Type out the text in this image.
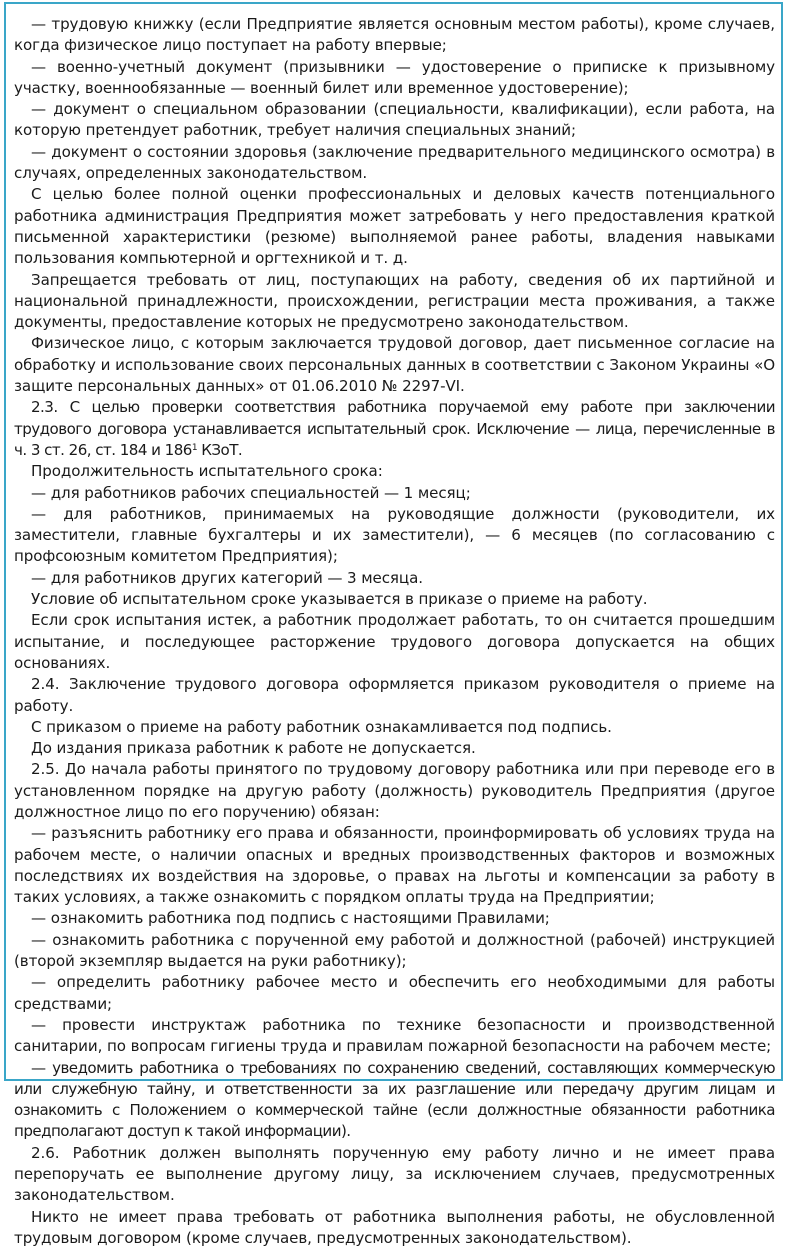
— трудовую книжку (если Предприятие является основным местом работы), кроме случаев, когда физическое лицо поступает на работу впервые;

— военно-учетный документ (призывники — удостоверение о приписке к призывному участку, военнообязанные — военный билет или временное удостоверение);

— документ о специальном образовании (специальности, квалификации), если работа, на которую претендует работник, требует наличия специальных знаний;

— документ о состоянии здоровья (заключение предварительного медицинского осмотра) в случаях, определенных законодательством.

С целью более полной оценки профессиональных и деловых качеств потенциального работника администрация Предприятия может затребовать у него предоставления краткой письменной характеристики (резюме) выполняемой ранее работы, владения навыками пользования компьютерной и оргтехникой и т. д.

Запрещается требовать от лиц, поступающих на работу, сведения об их партийной и национальной принадлежности, происхождении, регистрации места проживания, а также документы, предоставление которых не предусмотрено законодательством.

Физическое лицо, с которым заключается трудовой договор, дает письменное согласие на обработку и использование своих персональных данных в соответствии с Законом Украины «О защите персональных данных» от 01.06.2010 № 2297-VI.

2.3. С целью проверки соответствия работника поручаемой ему работе при заключении трудового договора устанавливается испытательный срок. Исключение — лица, перечисленные в ч. 3 ст. 26, ст. 184 и $186^1$ КЗоТ.

Продолжительность испытательного срока:

— для работников рабочих специальностей — 1 месяц;

— для работников, принимаемых на руководящие должности (руководители, их заместители, главные бухгалтеры и их заместители), — 6 месяцев (по согласованию с профсоюзным комитетом Предприятия);

— для работников других категорий — 3 месяца.

Условие об испытательном сроке указывается в приказе о приеме на работу.

Если срок испытания истек, а работник продолжает работать, то он считается прошедшим испытание, и последующее расторжение трудового договора допускается на общих основаниях.

2.4. Заключение трудового договора оформляется приказом руководителя о приеме на работу.

С приказом о приеме на работу работник ознакамливается под подпись.

До издания приказа работник к работе не допускается.

2.5. До начала работы принятого по трудовому договору работника или при переводе его в установленном порядке на другую работу (должность) руководитель Предприятия (другое должностное лицо по его поручению) обязан:

— разъяснить работнику его права и обязанности, проинформировать об условиях труда на рабочем месте, о наличии опасных и вредных производственных факторов и возможных последствиях их воздействия на здоровье, о правах на льготы и компенсации за работу в таких условиях, а также ознакомить с порядком оплаты труда на Предприятии;

— ознакомить работника под подпись с настоящими Правилами;

— ознакомить работника с порученной ему работой и должностной (рабочей) инструкцией (второй экземпляр выдается на руки работнику);

— определить работнику рабочее место и обеспечить его необходимыми для работы средствами;

— провести инструктаж работника по технике безопасности и производственной санитарии, по вопросам гигиены труда и правилам пожарной безопасности на рабочем месте;

— уведомить работника о требованиях по сохранению сведений, составляющих коммерческую или служебную тайну, и ответственности за их разглашение или передачу другим лицам и ознакомить с Положением о коммерческой тайне (если должностные обязанности работника предполагают доступ к такой информации).

2.6. Работник должен выполнять порученную ему работу лично и не имеет права перепоручать ее выполнение другому лицу, за исключением случаев, предусмотренных законодательством.

Никто не имеет права требовать от работника выполнения работы, не обусловленной трудовым договором (кроме случаев, предусмотренных законодательством).
